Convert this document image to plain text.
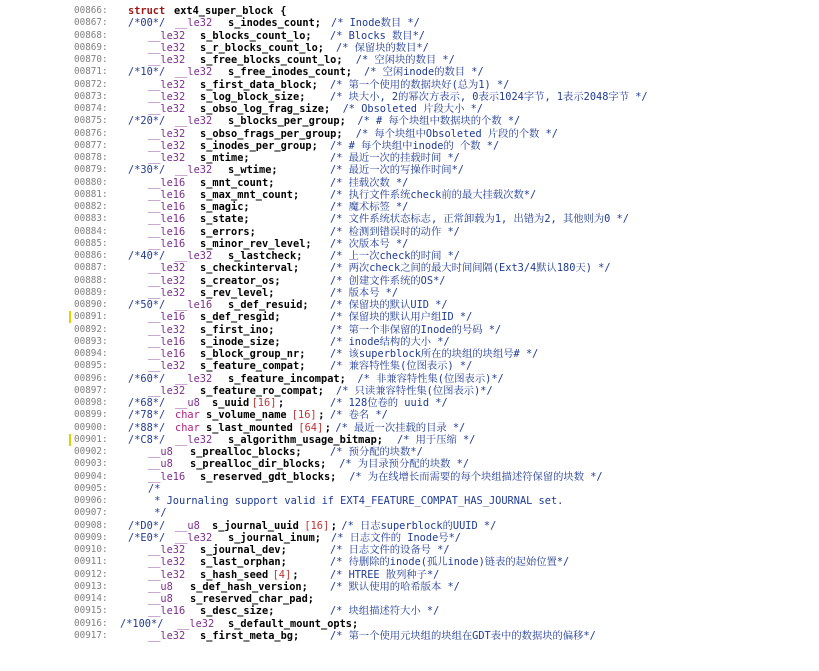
00866:	struct ext4_super_block {
00867:	/*00*/ __le32 s_inodes_count; /* Inode数目 */
00868:	__le32 s_blocks_count_lo; /* Blocks 数目*/
00869:	__le32 s_r_blocks_count_lo; /* 保留块的数目*/
00870:	__le32 s_free_blocks_count_lo; /* 空闲块的数目 */
00871:	/*10*/ __le32 s_free_inodes_count; /* 空闲inode的数目 */
00872:	__le32 s_first_data_block; /* 第一个使用的数据块好(总为1) */
00873:	__le32 s_log_block_size; /* 块大小, 2的幂次方表示, 0表示1024字节, 1表示2048字节 */
00874:	__le32 s_obso_log_frag_size; /* Obsoleted 片段大小 */
00875:	/*20*/ __le32 s_blocks_per_group; /* # 每个块组中数据块的个数 */
00876:	__le32 s_obso_frags_per_group; /* 每个块组中Obsoleted 片段的个数 */
00877:	__le32 s_inodes_per_group; /* # 每个块组中inode的 个数 */
00878:	__le32 s_mtime;	/* 最近一次的挂载时间 */
00879:	/*30*/ __le32 s_wtime;	/* 最近一次的写操作时间*/
00880:	__le16 s_mnt_count;	/* 挂载次数 */
00881:	__le16 s_max_mnt_count;	/* 执行文件系统check前的最大挂载次数*/
00882:	__le16 s_magic;	/* 魔术标签 */
00883:	__le16 s_state;	/* 文件系统状态标志, 正常卸载为1, 出错为2, 其他则为0 */
00884:	__le16 s_errors;	/* 检测到错误时的动作 */
00885:	__le16 s_minor_rev_level; /* 次版本号 */
00886:	/*40*/ __le32 s_lastcheck;	/* 上一次check的时间 */
00887:	__le32 s_checkinterval;	/* 两次check之间的最大时间间隔(Ext3/4默认180天) */
00888:	__le32 s_creator_os;	/* 创建文件系统的OS*/
00889:	__le32 s_rev_level;	/* 版本号 */
00890:	/*50*/ __le16 s_def_resuid; /* 保留块的默认UID */
00891:	__le16 s_def_resgid;	/* 保留块的默认用户组ID */
00892:	__le32 s_first_ino;	/* 第一个非保留的Inode的号码 */
00893:	__le16 s_inode_size;	/* inode结构的大小 */
00894:	__le16 s_block_group_nr; /* 该superblock所在的块组的块组号# */
00895:	__le32 s_feature_compat; /* 兼容特性集(位图表示) */
00896:	/*60*/ __le32 s_feature_incompat; /* 非兼容特性集(位图表示)*/
00897:	__le32 s_feature_ro_compat; /* 只读兼容特性集(位图表示)*/
00898:	/*68*/ __u8 s_uuid [16] ;	/* 128位卷的 uuid */
00899:	/*78*/ char s_volume_name [16] ; /* 卷名 */
00900:	/*88*/ char s_last_mounted [64] ; /* 最近一次挂载的目录 */
00901:	/*C8*/ __le32 s_algorithm_usage_bitmap; /* 用于压缩 */
00902:	__u8 s_prealloc_blocks;	/* 预分配的块数*/
00903:	__u8 s_prealloc_dir_blocks; /* 为目录预分配的块数 */
00904:	__le16 s_reserved_gdt_blocks; /* 为在线增长而需要的每个块组描述符保留的块数 */
00905:	/*
00906:	* Journaling support valid if EXT4_FEATURE_COMPAT_HAS_JOURNAL set.
00907:	*/
00908:	/*D0*/ __u8 s_journal_uuid [16] ; /* 日志superblock的UUID */
00909:	/*E0*/ __le32 s_journal_inum; /* 日志文件的 Inode号*/
00910:	__le32 s_journal_dev;	/* 日志文件的设备号 */
00911:	__le32 s_last_orphan;	/* 待删除的inode(孤儿inode)链表的起始位置*/
00912:	__le32 s_hash_seed [4] ;	/* HTREE 散列种子*/
00913:	__u8 s_def_hash_version; /* 默认使用的哈希版本 */
00914:	__u8 s_reserved_char_pad;
00915:	__le16 s_desc_size;	/* 块组描述符大小 */
00916:	/*100*/ __le32 s_default_mount_opts;
00917:	__le32 s_first_meta_bg;	/* 第一个使用元块组的块组在GDT表中的数据块的偏移*/
